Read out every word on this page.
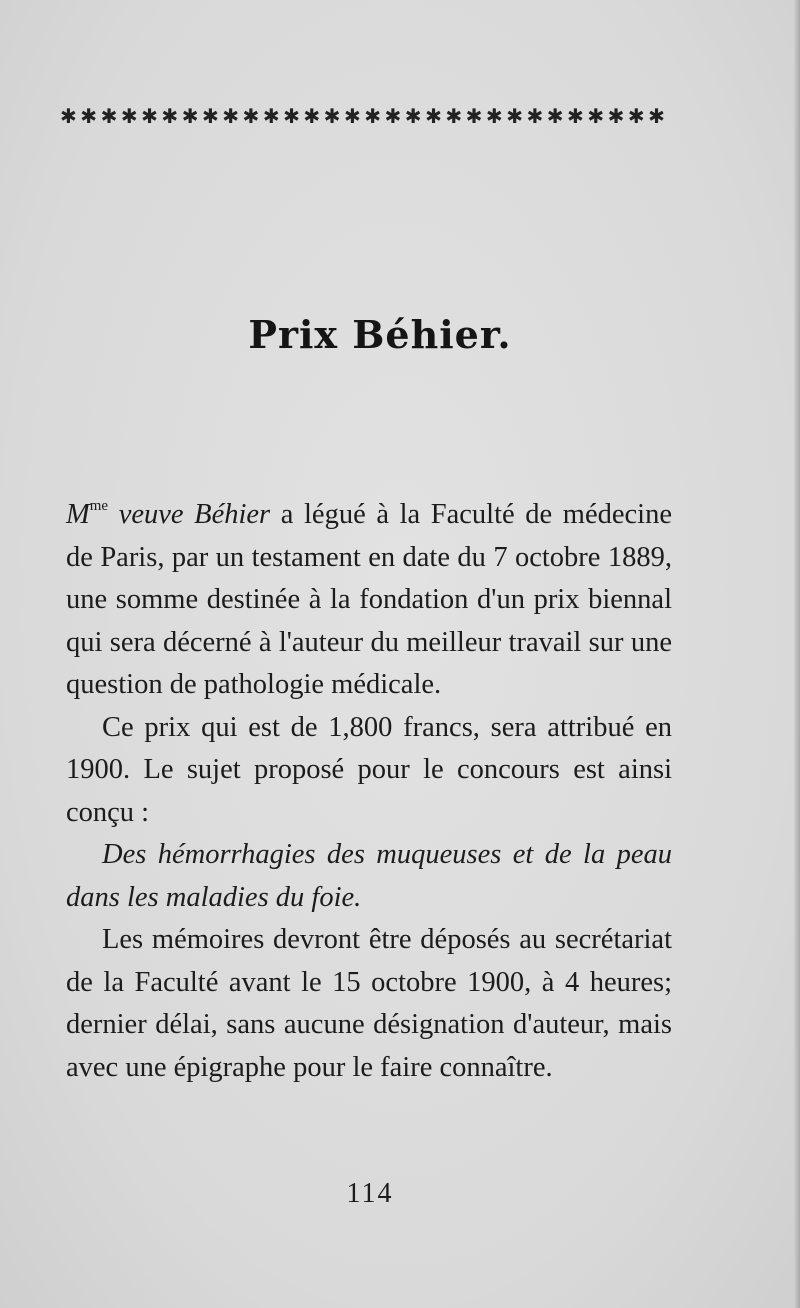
✱ ✱ ✱ ✱ ✱ ✱ ✱ ✱ ✱ ✱ ✱ ✱ ✱ ✱ ✱ ✱ ✱ ✱ ✱ ✱ ✱ ✱ ✱ ✱ ✱ ✱ ✱ ✱ ✱ ✱
Prix Béhier.

$M^{me}$ veuve Béhier a légué à la Faculté de médecine de Paris, par un testament en date du 7 octobre 1889, une somme destinée à la fondation d'un prix biennal qui sera décerné à l'auteur du meilleur travail sur une question de pathologie médicale.

Ce prix qui est de 1,800 francs, sera attribué en 1900. Le sujet proposé pour le concours est ainsi conçu :

Des hémorrhagies des muqueuses et de la peau dans les maladies du foie.

Les mémoires devront être déposés au secrétariat de la Faculté avant le 15 octobre 1900, à 4 heures; dernier délai, sans aucune désignation d'auteur, mais avec une épigraphe pour le faire connaître.

114
